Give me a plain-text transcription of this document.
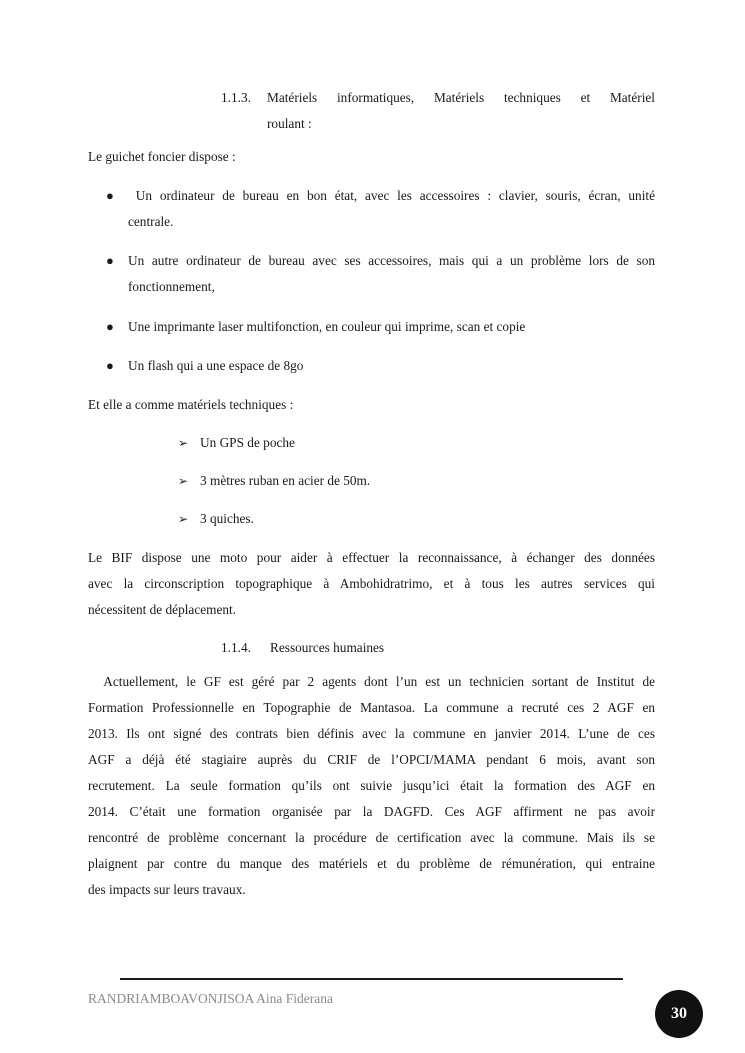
1.1.3. Matériels informatiques, Matériels techniques et Matériel
roulant :
Le guichet foncier dispose :
● Un ordinateur de bureau en bon état, avec les accessoires : clavier, souris, écran, unité
centrale.
● Un autre ordinateur de bureau avec ses accessoires, mais qui a un problème lors de son
fonctionnement,
● Une imprimante laser multifonction, en couleur qui imprime, scan et copie
● Un flash qui a une espace de 8go
Et elle a comme matériels techniques :
➢ Un GPS de poche
➢ 3 mètres ruban en acier de 50m.
➢ 3 quiches.
Le BIF dispose une moto pour aider à effectuer la reconnaissance, à échanger des données
avec la circonscription topographique à Ambohidratrimo, et à tous les autres services qui
nécessitent de déplacement.
1.1.4. Ressources humaines
Actuellement, le GF est géré par 2 agents dont l’un est un technicien sortant de Institut de
Formation Professionnelle en Topographie de Mantasoa. La commune a recruté ces 2 AGF en
2013. Ils ont signé des contrats bien définis avec la commune en janvier 2014. L’une de ces
AGF a déjà été stagiaire auprès du CRIF de l’OPCI/MAMA pendant 6 mois, avant son
recrutement. La seule formation qu’ils ont suivie jusqu’ici était la formation des AGF en
2014. C’était une formation organisée par la DAGFD. Ces AGF affirment ne pas avoir
rencontré de problème concernant la procédure de certification avec la commune. Mais ils se
plaignent par contre du manque des matériels et du problème de rémunération, qui entraine
des impacts sur leurs travaux.
RANDRIAMBOAVONJISOA Aina Fiderana
30
